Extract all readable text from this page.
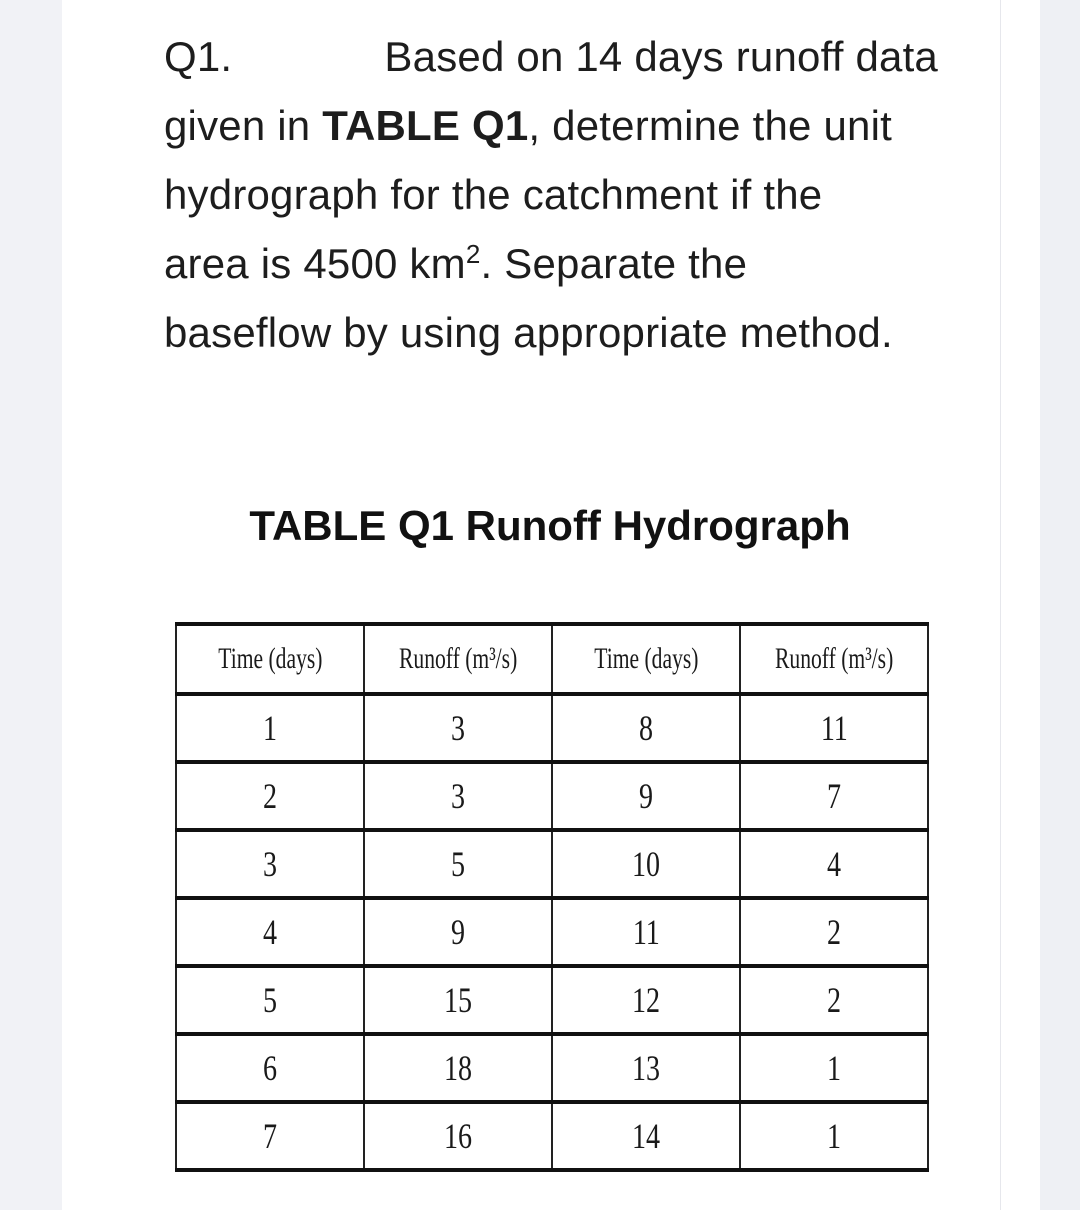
Q1.	Based on 14 days runoff data
given in TABLE Q1, determine the unit
hydrograph for the catchment if the
area is 4500 $km^2$. Separate the
baseflow by using appropriate method.
TABLE Q1 Runoff Hydrograph
Time (days)	Runoff (m³/s)	Time (days)	Runoff (m³/s)
1	3	8	11
2	3	9	7
3	5	10	4
4	9	11	2
5	15	12	2
6	18	13	1
7	16	14	1
